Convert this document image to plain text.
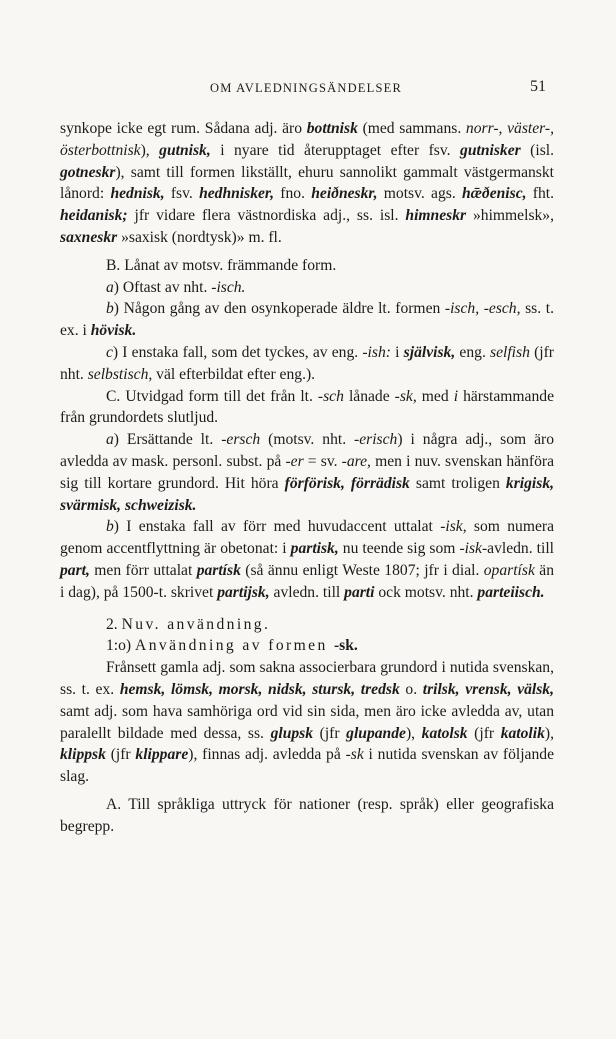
OM AVLEDNINGSÄNDELSER	51

synkope icke egt rum. Sådana adj. äro bottnisk (med sammans. norr-, väster-, österbottnisk), gutnisk, i nyare tid återupptaget efter fsv. gutnisker (isl. gotneskr), samt till formen likställt, ehuru sannolikt gammalt västgermanskt lånord: hednisk, fsv. hedhnisker, fno. heiðneskr, motsv. ags. hǣðenisc, fht. heidanisk; jfr vidare flera västnordiska adj., ss. isl. himneskr »himmelsk», saxneskr »saxisk (nordtysk)» m. fl.

B. Lånat av motsv. främmande form.

a) Oftast av nht. -isch.

b) Någon gång av den osynkoperade äldre lt. formen -isch, -esch, ss. t. ex. i hövisk.

c) I enstaka fall, som det tyckes, av eng. -ish: i självisk, eng. selfish (jfr nht. selbstisch, väl efterbildat efter eng.).

C. Utvidgad form till det från lt. -sch lånade -sk, med i härstammande från grundordets slutljud.

a) Ersättande lt. -ersch (motsv. nht. -erisch) i några adj., som äro avledda av mask. personl. subst. på -er = sv. -are, men i nuv. svenskan hänföra sig till kortare grundord. Hit höra förförisk, förrädisk samt troligen krigisk, svärmisk, schweizisk.

b) I enstaka fall av förr med huvudaccent uttalat -isk, som numera genom accentflyttning är obetonat: i partisk, nu teende sig som -isk-avledn. till part, men förr uttalat partísk (så ännu enligt Weste 1807; jfr i dial. opartísk än i dag), på 1500-t. skrivet partijsk, avledn. till parti ock motsv. nht. parteiisch.

2. Nuv. användning.

1:o) Användning av formen -sk.

Frånsett gamla adj. som sakna associerbara grundord i nutida svenskan, ss. t. ex. hemsk, lömsk, morsk, nidsk, stursk, tredsk o. trilsk, vrensk, välsk, samt adj. som hava samhöriga ord vid sin sida, men äro icke avledda av, utan paralellt bildade med dessa, ss. glupsk (jfr glupande), katolsk (jfr katolik), klippsk (jfr klippare), finnas adj. avledda på -sk i nutida svenskan av följande slag.

A. Till språkliga uttryck för nationer (resp. språk) eller geografiska begrepp.
